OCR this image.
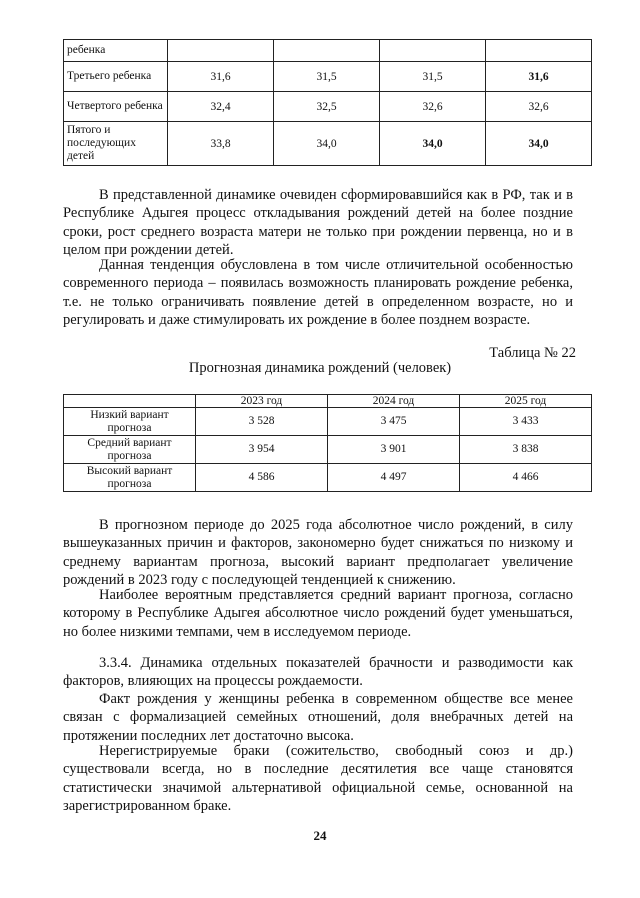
ребенка				
Третьего ребенка	31,6	31,5	31,5	31,6
Четвертого ребенка	32,4	32,5	32,6	32,6
Пятого и последующих детей	33,8	34,0	34,0	34,0

В представленной динамике очевиден сформировавшийся как в РФ, так и в Республике Адыгея процесс откладывания рождений детей на более поздние сроки, рост среднего возраста матери не только при рождении первенца, но и в целом при рождении детей.

Данная тенденция обусловлена в том числе отличительной особенностью современного периода – появилась возможность планировать рождение ребенка, т.е. не только ограничивать появление детей в определенном возрасте, но и регулировать и даже стимулировать их рождение в более позднем возрасте.

Таблица № 22

Прогнозная динамика рождений (человек)

	2023 год	2024 год	2025 год
Низкий вариант прогноза	3 528	3 475	3 433
Средний вариант прогноза	3 954	3 901	3 838
Высокий вариант прогноза	4 586	4 497	4 466

В прогнозном периоде до 2025 года абсолютное число рождений, в силу вышеуказанных причин и факторов, закономерно будет снижаться по низкому и среднему вариантам прогноза, высокий вариант предполагает увеличение рождений в 2023 году с последующей тенденцией к снижению.

Наиболее вероятным представляется средний вариант прогноза, согласно которому в Республике Адыгея абсолютное число рождений будет уменьшаться, но более низкими темпами, чем в исследуемом периоде.

3.3.4. Динамика отдельных показателей брачности и разводимости как факторов, влияющих на процессы рождаемости.

Факт рождения у женщины ребенка в современном обществе все менее связан с формализацией семейных отношений, доля внебрачных детей на протяжении последних лет достаточно высока.

Нерегистрируемые браки (сожительство, свободный союз и др.) существовали всегда, но в последние десятилетия все чаще становятся статистически значимой альтернативой официальной семье, основанной на зарегистрированном браке.

24
